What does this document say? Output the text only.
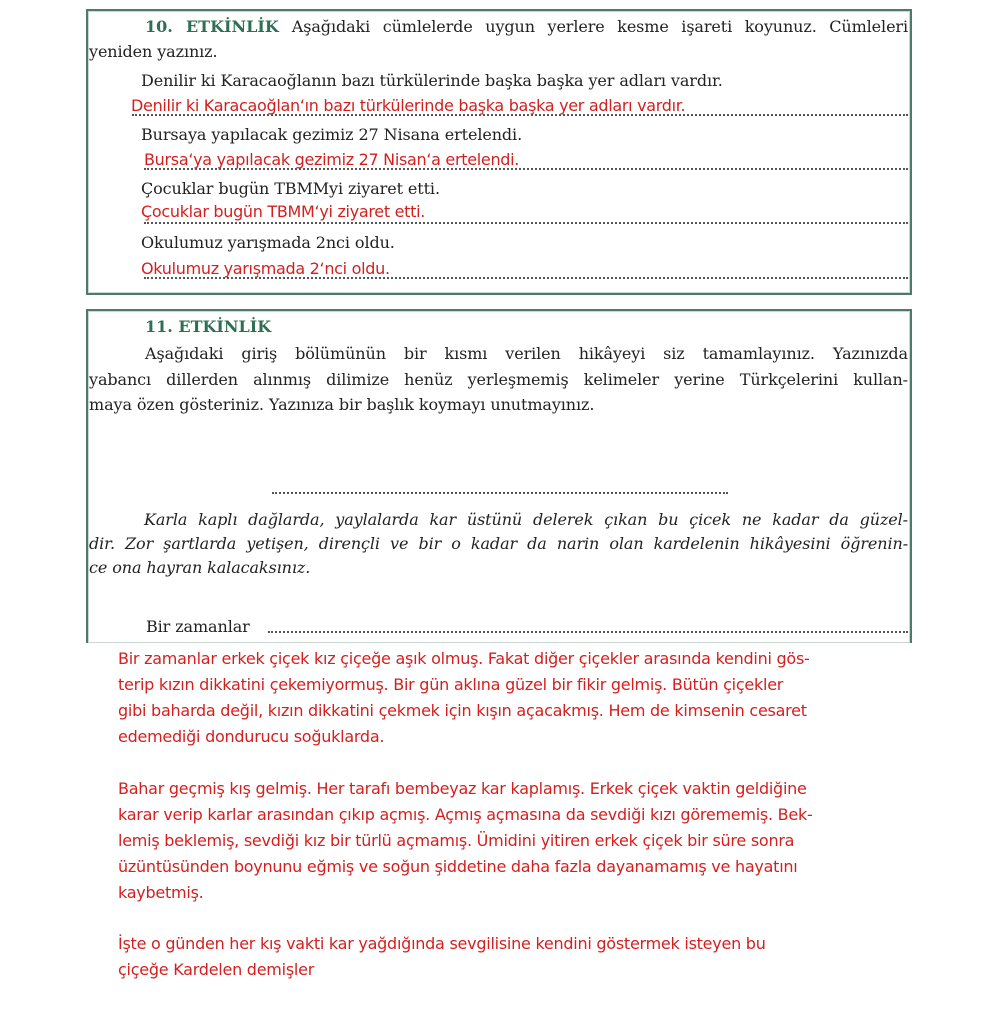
10. ETKİNLİK Aşağıdaki cümlelerde uygun yerlere kesme işareti koyunuz. Cümleleri
yeniden yazınız.
Denilir ki Karacaoğlanın bazı türkülerinde başka başka yer adları vardır.
Denilir ki Karacaoğlan‘ın bazı türkülerinde başka başka yer adları vardır.
Bursaya yapılacak gezimiz 27 Nisana ertelendi.
Bursa‘ya yapılacak gezimiz 27 Nisan‘a ertelendi.
Çocuklar bugün TBMMyi ziyaret etti.
Çocuklar bugün TBMM‘yi ziyaret etti.
Okulumuz yarışmada 2nci oldu.
Okulumuz yarışmada 2‘nci oldu.
11. ETKİNLİK
Aşağıdaki giriş bölümünün bir kısmı verilen hikâyeyi siz tamamlayınız. Yazınızda
yabancı dillerden alınmış dilimize henüz yerleşmemiş kelimeler yerine Türkçelerini kullan-
maya özen gösteriniz. Yazınıza bir başlık koymayı unutmayınız.
Karla kaplı dağlarda, yaylalarda kar üstünü delerek çıkan bu çicek ne kadar da güzel-
dir. Zor şartlarda yetişen, dirençli ve bir o kadar da narin olan kardelenin hikâyesini öğrenin-
ce ona hayran kalacaksınız.
Bir zamanlar
Bir zamanlar erkek çiçek kız çiçeğe aşık olmuş. Fakat diğer çiçekler arasında kendini gös-
terip kızın dikkatini çekemiyormuş. Bir gün aklına güzel bir fikir gelmiş. Bütün çiçekler
gibi baharda değil, kızın dikkatini çekmek için kışın açacakmış. Hem de kimsenin cesaret
edemediği dondurucu soğuklarda.
Bahar geçmiş kış gelmiş. Her tarafı bembeyaz kar kaplamış. Erkek çiçek vaktin geldiğine
karar verip karlar arasından çıkıp açmış. Açmış açmasına da sevdiği kızı görememiş. Bek-
lemiş beklemiş, sevdiği kız bir türlü açmamış. Ümidini yitiren erkek çiçek bir süre sonra
üzüntüsünden boynunu eğmiş ve soğun şiddetine daha fazla dayanamamış ve hayatını
kaybetmiş.
İşte o günden her kış vakti kar yağdığında sevgilisine kendini göstermek isteyen bu
çiçeğe Kardelen demişler
